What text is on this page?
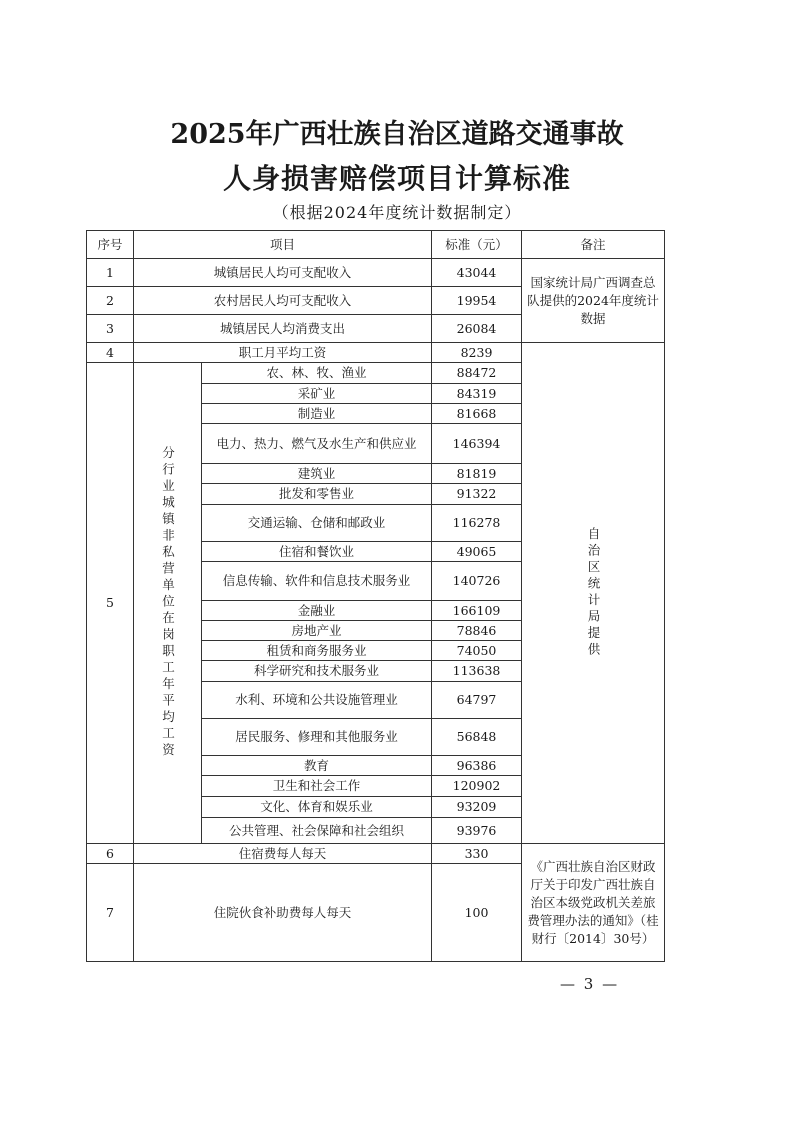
2025年广西壮族自治区道路交通事故
人身损害赔偿项目计算标准
（根据2024年度统计数据制定）
序号	项目		标准（元）	备注
1	城镇居民人均可支配收入		43044	国家统计局广西调查总队提供的2024年度统计数据
2	农村居民人均可支配收入		19954	
3	城镇居民人均消费支出		26084	
4	职工月平均工资		8239	自治区统计局提供

5	分行业城镇非私营单位在岗职工年平均工资	农、林、牧、渔业	88472	
		采矿业	84319	
		制造业	81668	
		电力、热力、燃气及水生产和供应业	146394	
		建筑业	81819	
		批发和零售业	91322	
		交通运输、仓储和邮政业	116278	
		住宿和餐饮业	49065	
		信息传输、软件和信息技术服务业	140726	
		金融业	166109	
		房地产业	78846	
		租赁和商务服务业	74050	
		科学研究和技术服务业	113638	
		水利、环境和公共设施管理业	64797	
		居民服务、修理和其他服务业	56848	
		教育	96386	
		卫生和社会工作	120902	
		文化、体育和娱乐业	93209	
		公共管理、社会保障和社会组织	93976	
6	住宿费每人每天		330	《广西壮族自治区财政厅关于印发广西壮族自治区本级党政机关差旅费管理办法的通知》（桂财行〔2014〕30号）
7	住院伙食补助费每人每天		100	
— 3 —
